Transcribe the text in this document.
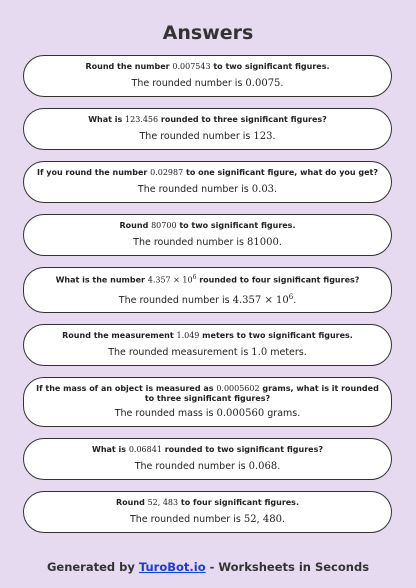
Answers
Round the number 0.007543 to two significant figures.
The rounded number is 0.0075.
What is 123.456 rounded to three significant figures?
The rounded number is 123.
If you round the number 0.02987 to one significant figure, what do you get?
The rounded number is 0.03.
Round 80700 to two significant figures.
The rounded number is 81000.
What is the number $4.357 \times 10^6$ rounded to four significant figures?
The rounded number is $4.357 \times 10^6$.
Round the measurement 1.049 meters to two significant figures.
The rounded measurement is 1.0 meters.
If the mass of an object is measured as 0.0005602 grams, what is it rounded to three significant figures?
The rounded mass is 0.000560 grams.
What is 0.06841 rounded to two significant figures?
The rounded number is 0.068.
Round 52, 483 to four significant figures.
The rounded number is 52, 480.
Generated by TuroBot.io - Worksheets in Seconds
